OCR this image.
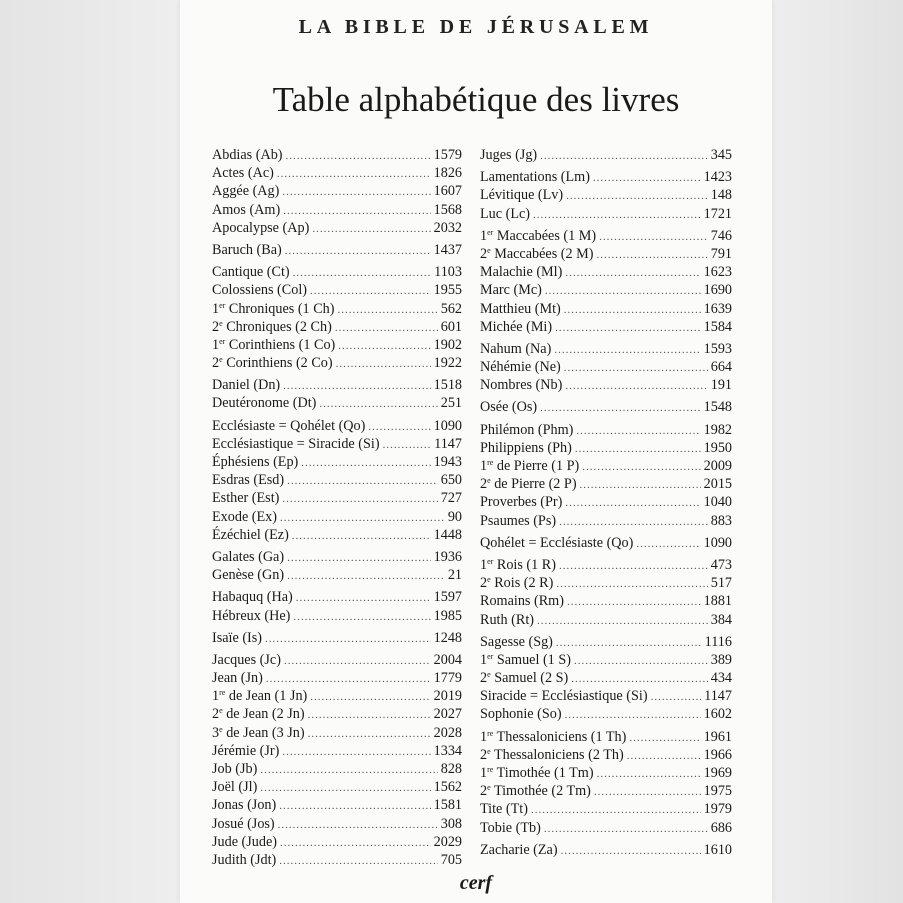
LA BIBLE DE JÉRUSALEM
Table alphabétique des livres
Abdias (Ab) .....	1579
Actes (Ac) .....	1826
Aggée (Ag) .....	1607
Amos (Am) .....	1568
Apocalypse (Ap) .....	2032
Baruch (Ba) .....	1437
Cantique (Ct) .....	1103
Colossiens (Col) .....	1955
1er Chroniques (1 Ch) .....	562
2e Chroniques (2 Ch) .....	601
1er Corinthiens (1 Co) .....	1902
2e Corinthiens (2 Co) .....	1922
Daniel (Dn) .....	1518
Deutéronome (Dt) .....	251
Ecclésiaste = Qohélet (Qo) .....	1090
Ecclésiastique = Siracide (Si) .....	1147
Éphésiens (Ep) .....	1943
Esdras (Esd) .....	650
Esther (Est) .....	727
Exode (Ex) .....	90
Ézéchiel (Ez) .....	1448
Galates (Ga) .....	1936
Genèse (Gn) .....	21
Habaquq (Ha) .....	1597
Hébreux (He) .....	1985
Isaïe (Is) .....	1248
Jacques (Jc) .....	2004
Jean (Jn) .....	1779
1re de Jean (1 Jn) .....	2019
2e de Jean (2 Jn) .....	2027
3e de Jean (3 Jn) .....	2028
Jérémie (Jr) .....	1334
Job (Jb) .....	828
Joël (Jl) .....	1562
Jonas (Jon) .....	1581
Josué (Jos) .....	308
Jude (Jude) .....	2029
Judith (Jdt) .....	705
Juges (Jg) .....	345
Lamentations (Lm) .....	1423
Lévitique (Lv) .....	148
Luc (Lc) .....	1721
1er Maccabées (1 M) .....	746
2e Maccabées (2 M) .....	791
Malachie (Ml) .....	1623
Marc (Mc) .....	1690
Matthieu (Mt) .....	1639
Michée (Mi) .....	1584
Nahum (Na) .....	1593
Néhémie (Ne) .....	664
Nombres (Nb) .....	191
Osée (Os) .....	1548
Philémon (Phm) .....	1982
Philippiens (Ph) .....	1950
1re de Pierre (1 P) .....	2009
2e de Pierre (2 P) .....	2015
Proverbes (Pr) .....	1040
Psaumes (Ps) .....	883
Qohélet = Ecclésiaste (Qo) .....	1090
1er Rois (1 R) .....	473
2e Rois (2 R) .....	517
Romains (Rm) .....	1881
Ruth (Rt) .....	384
Sagesse (Sg) .....	1116
1er Samuel (1 S) .....	389
2e Samuel (2 S) .....	434
Siracide = Ecclésiastique (Si) .....	1147
Sophonie (So) .....	1602
1re Thessaloniciens (1 Th) .....	1961
2e Thessaloniciens (2 Th) .....	1966
1re Timothée (1 Tm) .....	1969
2e Timothée (2 Tm) .....	1975
Tite (Tt) .....	1979
Tobie (Tb) .....	686
Zacharie (Za) .....	1610
cerf
